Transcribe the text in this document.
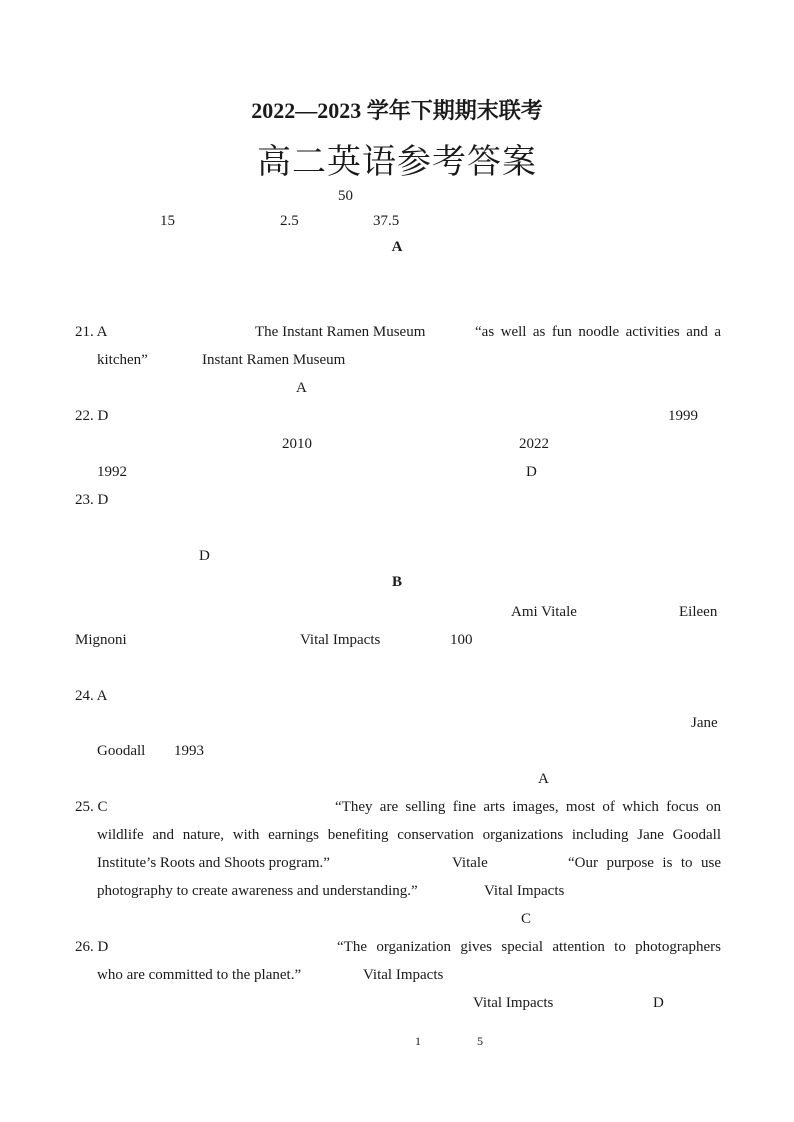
2022—2023 学年下期期末联考
高二英语参考答案
50
15	2.5	37.5
A
21. A	The Instant Ramen Museum	“as well as fun noodle activities and a
kitchen”	Instant Ramen Museum
A
22. D	1999
2010	2022
1992	D
23. D
D
B
Ami Vitale	Eileen
Mignoni	Vital Impacts	100
24. A
Jane
Goodall 1993
A
25. C	“They are selling fine arts images, most of which focus on
wildlife and nature, with earnings benefiting conservation organizations including Jane Goodall
Institute’s Roots and Shoots program.”	Vitale	“Our purpose is to use
photography to create awareness and understanding.”	Vital Impacts
C
26. D	“The organization gives special attention to photographers
who are committed to the planet.”	Vital Impacts
Vital Impacts	D
1	5
